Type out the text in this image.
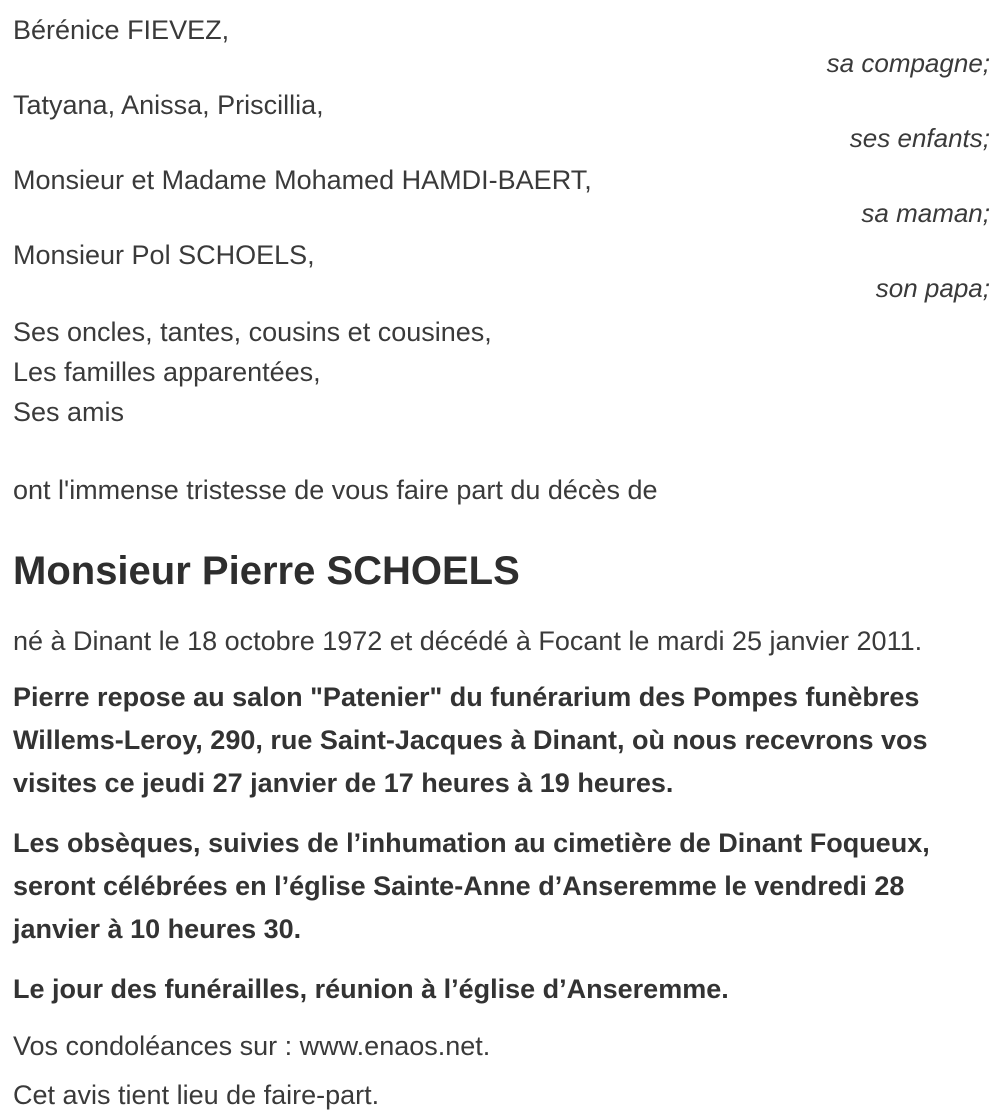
Bérénice FIEVEZ,
sa compagne;
Tatyana, Anissa, Priscillia,
ses enfants;
Monsieur et Madame Mohamed HAMDI-BAERT,
sa maman;
Monsieur Pol SCHOELS,
son papa;
Ses oncles, tantes, cousins et cousines,
Les familles apparentées,
Ses amis
ont l'immense tristesse de vous faire part du décès de
Monsieur Pierre SCHOELS

né à Dinant le 18 octobre 1972 et décédé à Focant le mardi 25 janvier 2011.

Pierre repose au salon "Patenier" du funérarium des Pompes funèbres Willems-Leroy, 290, rue Saint-Jacques à Dinant, où nous recevrons vos visites ce jeudi 27 janvier de 17 heures à 19 heures.

Les obsèques, suivies de l’inhumation au cimetière de Dinant Foqueux, seront célébrées en l’église Sainte-Anne d’Anseremme le vendredi 28 janvier à 10 heures 30.

Le jour des funérailles, réunion à l’église d’Anseremme.

Vos condoléances sur : www.enaos.net.

Cet avis tient lieu de faire-part.
